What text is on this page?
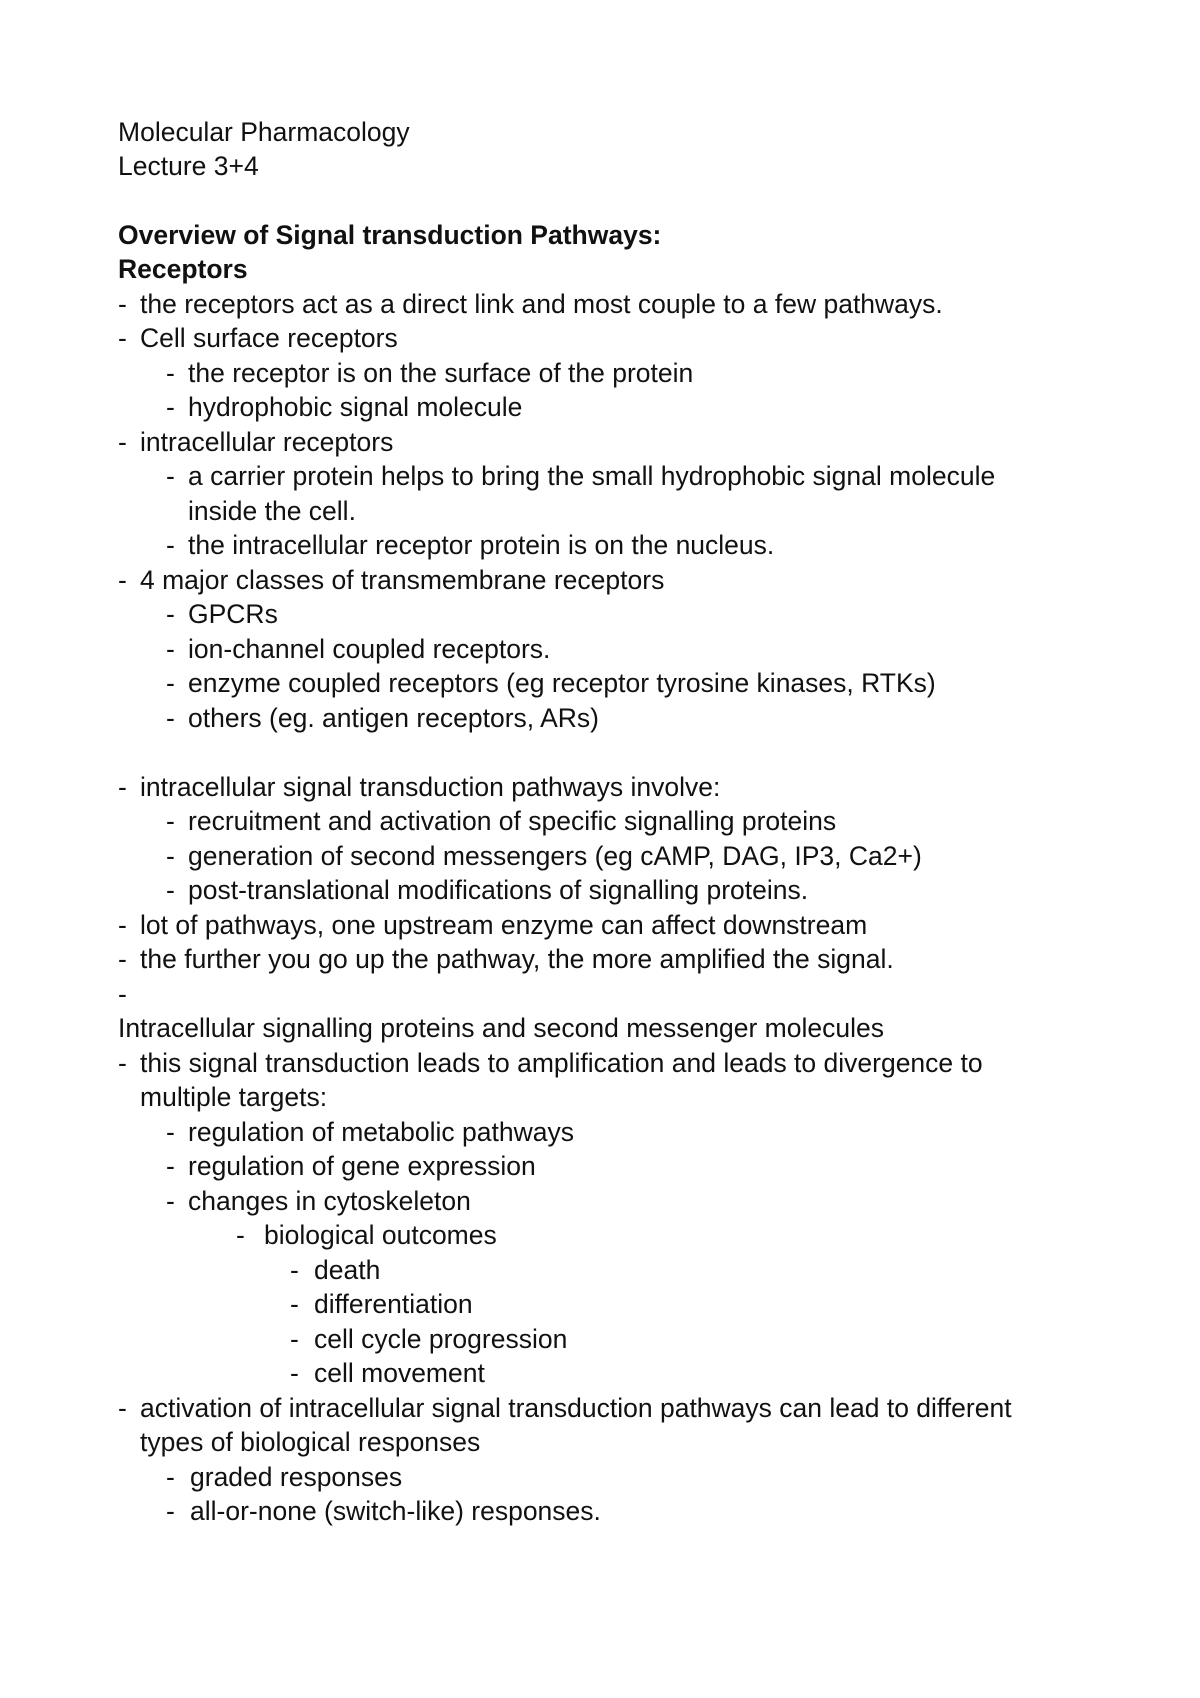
Molecular Pharmacology
Lecture 3+4
Overview of Signal transduction Pathways:
Receptors
- the receptors act as a direct link and most couple to a few pathways.
- Cell surface receptors
- the receptor is on the surface of the protein
- hydrophobic signal molecule
- intracellular receptors
- a carrier protein helps to bring the small hydrophobic signal molecule
inside the cell.
- the intracellular receptor protein is on the nucleus.
- 4 major classes of transmembrane receptors
- GPCRs
- ion-channel coupled receptors.
- enzyme coupled receptors (eg receptor tyrosine kinases, RTKs)
- others (eg. antigen receptors, ARs)
- intracellular signal transduction pathways involve:
- recruitment and activation of specific signalling proteins
- generation of second messengers (eg cAMP, DAG, IP3, Ca2+)
- post-translational modifications of signalling proteins.
- lot of pathways, one upstream enzyme can affect downstream
- the further you go up the pathway, the more amplified the signal.
-
Intracellular signalling proteins and second messenger molecules
- this signal transduction leads to amplification and leads to divergence to
multiple targets:
- regulation of metabolic pathways
- regulation of gene expression
- changes in cytoskeleton
- biological outcomes
- death
- differentiation
- cell cycle progression
- cell movement
- activation of intracellular signal transduction pathways can lead to different
types of biological responses
- graded responses
- all-or-none (switch-like) responses.
